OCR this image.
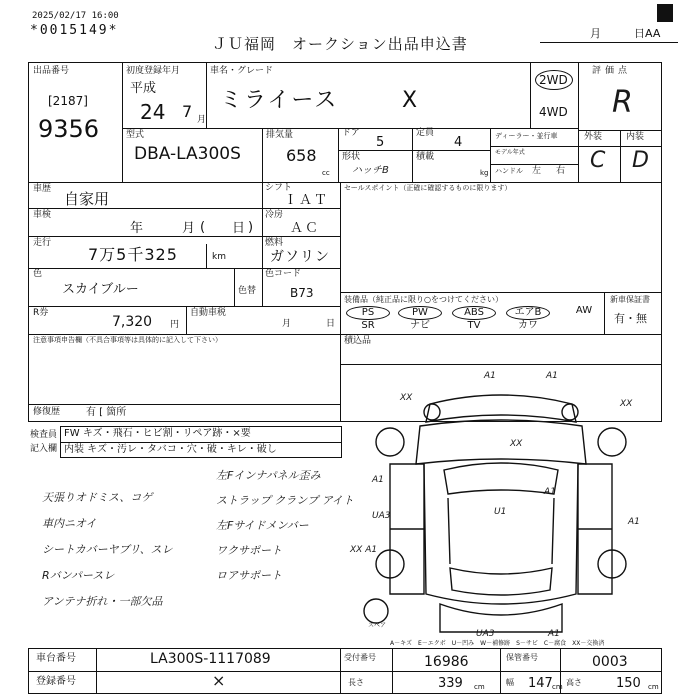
2025/02/17 16:00
*0015149*
ＪＵ福岡　オークション出品申込書
月	日AA
出品番号
[2187]
9356
初度登録年月
平成
24 7 月
車名・グレード
ミライース	X
2WD
4WD
評価点
R
型式
DBA-LA300S
排気量
658
cc
ドア
5
定員
4
形状
ハッチB
積載
kg
ディーラー・並行車
モデル年式
ハンドル 左 右
外装	内装
C D
車歴
自家用
シフト
ＩＡＴ
セールスポイント（正確に確認するものに限ります）
車検
年	月 ( 日 )
冷房
ＡＣ
走行
7万5千325	km
燃料
ガソリン
色
スカイブルー	色替
色コード
B73
R券
7,320 円
自動車税
月	日
注意事項申告欄（不具合事項等は具体的に記入して下さい）
修復歴	有 [ 箇所
装備品（純正品に限り○をつけてください）	新車保証書
有・無
PS
SR
PW
ナビ
ABS
TV
エアB
カワ
AW
積込品
検査員
記入欄
FW キズ・飛石・ヒビ割・リペア跡・×要
内装 キズ・汚レ・タバコ・穴・破・キレ・破し
天張りオドミス、コゲ
車内ニオイ
シートカバーヤブリ、スレ
Rバンパースレ
アンテナ折れ・一部欠品
左Fインナパネル歪み
ストラップ クランプ アイト
左Fサイドメンバー
ワクサポート
ロアサポート
A1	A1
XX
XX
XX
A1
A1
UA3	U1
A1
UA3
XX A1
A1
スペア
A－キズ　E－エクボ　U－凹み　W－補修跡　S－サビ　C－腐食　XX－交換済
車台番号	LA300S-1117089
登録番号	×
受付番号	16986	保管番号	0003
長さ	339 cm	幅 147 cm 高さ	150 cm
